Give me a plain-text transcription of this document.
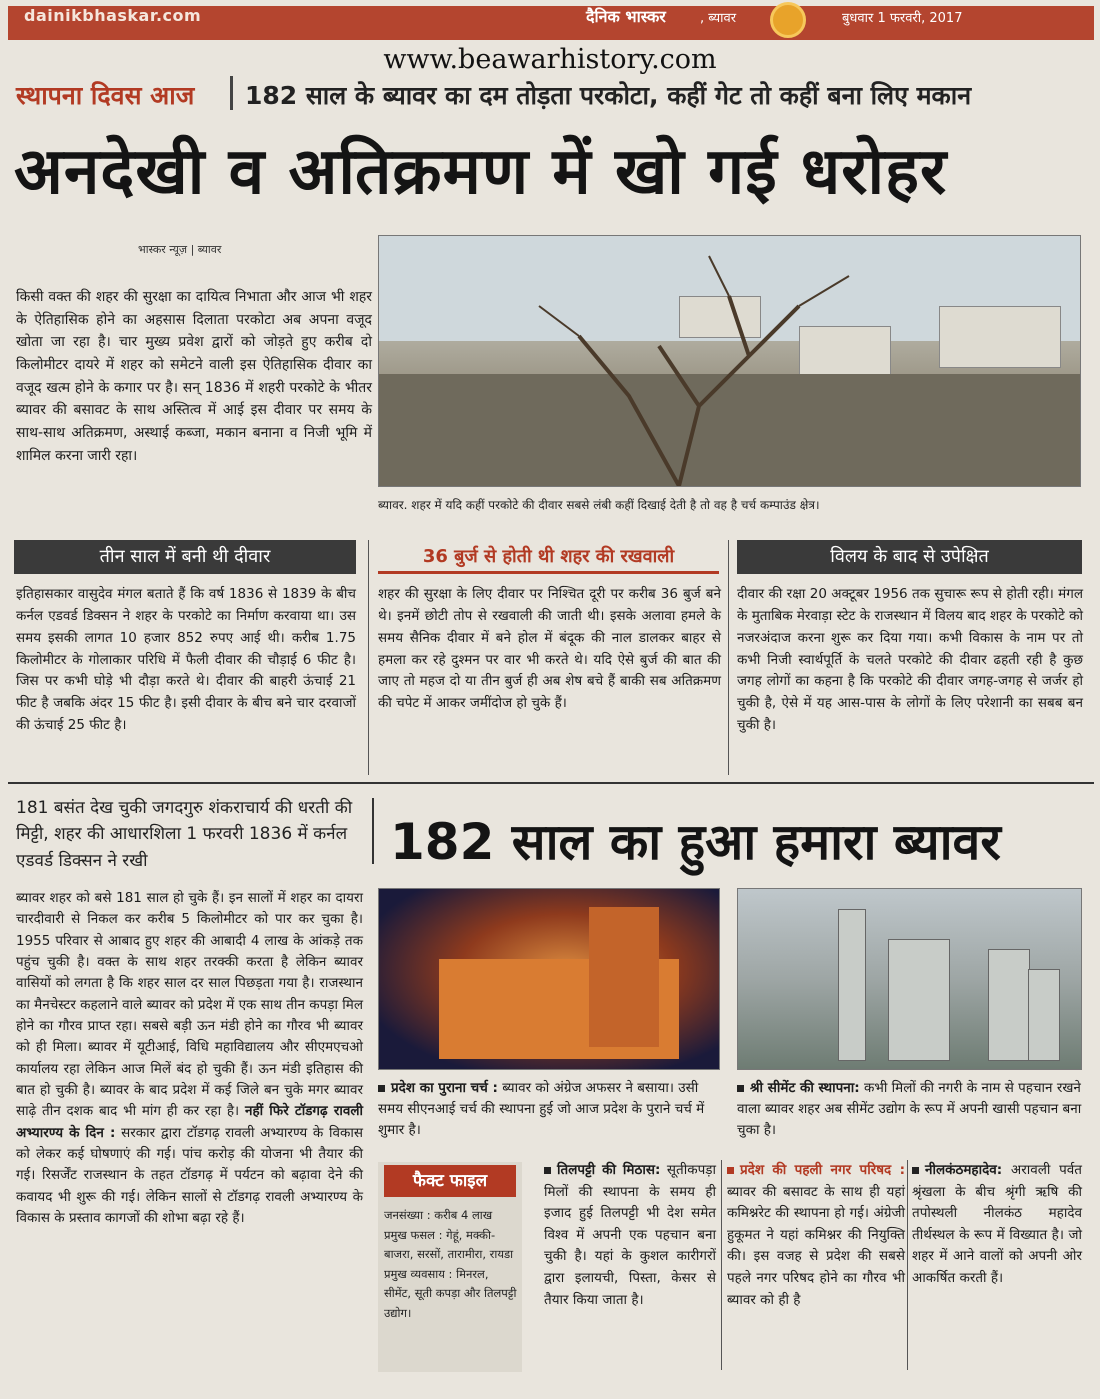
dainikbhaskar.com	दैनिक भास्कर	, ब्यावर	बुधवार 1 फरवरी, 2017
www.beawarhistory.com
स्थापना दिवस आज 182 साल के ब्यावर का दम तोड़ता परकोटा, कहीं गेट तो कहीं बना लिए मकान
अनदेखी व अतिक्रमण में खो गई धरोहर
भास्कर न्यूज़ | ब्यावर
किसी वक्त की शहर की सुरक्षा का दायित्व निभाता और आज भी शहर के ऐतिहासिक होने का अहसास दिलाता परकोटा अब अपना वजूद खोता जा रहा है। चार मुख्य प्रवेश द्वारों को जोड़ते हुए करीब दो किलोमीटर दायरे में शहर को समेटने वाली इस ऐतिहासिक दीवार का वजूद खत्म होने के कगार पर है। सन् 1836 में शहरी परकोटे के भीतर ब्यावर की बसावट के साथ अस्तित्व में आई इस दीवार पर समय के साथ-साथ अतिक्रमण, अस्थाई कब्जा, मकान बनाना व निजी भूमि में शामिल करना जारी रहा।
ब्यावर. शहर में यदि कहीं परकोटे की दीवार सबसे लंबी कहीं दिखाई देती है तो वह है चर्च कम्पाउंड क्षेत्र।
तीन साल में बनी थी दीवार	36 बुर्ज से होती थी शहर की रखवाली	विलय के बाद से उपेक्षित
इतिहासकार वासुदेव मंगल बताते हैं कि वर्ष 1836 से 1839 के बीच कर्नल एडवर्ड डिक्सन ने शहर के परकोटे का निर्माण करवाया था। उस समय इसकी लागत 10 हजार 852 रुपए आई थी। करीब 1.75 किलोमीटर के गोलाकार परिधि में फैली दीवार की चौड़ाई 6 फीट है। जिस पर कभी घोड़े भी दौड़ा करते थे। दीवार की बाहरी ऊंचाई 21 फीट है जबकि अंदर 15 फीट है। इसी दीवार के बीच बने चार दरवाजों की ऊंचाई 25 फीट है।
शहर की सुरक्षा के लिए दीवार पर निश्चित दूरी पर करीब 36 बुर्ज बने थे। इनमें छोटी तोप से रखवाली की जाती थी। इसके अलावा हमले के समय सैनिक दीवार में बने होल में बंदूक की नाल डालकर बाहर से हमला कर रहे दुश्मन पर वार भी करते थे। यदि ऐसे बुर्ज की बात की जाए तो महज दो या तीन बुर्ज ही अब शेष बचे हैं बाकी सब अतिक्रमण की चपेट में आकर जमींदोज हो चुके हैं।
दीवार की रक्षा 20 अक्टूबर 1956 तक सुचारू रूप से होती रही। मंगल के मुताबिक मेरवाड़ा स्टेट के राजस्थान में विलय बाद शहर के परकोटे को नजरअंदाज करना शुरू कर दिया गया। कभी विकास के नाम पर तो कभी निजी स्वार्थपूर्ति के चलते परकोटे की दीवार ढहती रही है कुछ जगह लोगों का कहना है कि परकोटे की दीवार जगह-जगह से जर्जर हो चुकी है, ऐसे में यह आस-पास के लोगों के लिए परेशानी का सबब बन चुकी है।
181 बसंत देख चुकी जगदगुरु शंकराचार्य की धरती की मिट्टी, शहर की आधारशिला 1 फरवरी 1836 में कर्नल एडवर्ड डिक्सन ने रखी	182 साल का हुआ हमारा ब्यावर
ब्यावर शहर को बसे 181 साल हो चुके हैं। इन सालों में शहर का दायरा चारदीवारी से निकल कर करीब 5 किलोमीटर को पार कर चुका है। 1955 परिवार से आबाद हुए शहर की आबादी 4 लाख के आंकड़े तक पहुंच चुकी है। वक्त के साथ शहर तरक्की करता है लेकिन ब्यावर वासियों को लगता है कि शहर साल दर साल पिछड़ता गया है। राजस्थान का मैनचेस्टर कहलाने वाले ब्यावर को प्रदेश में एक साथ तीन कपड़ा मिल होने का गौरव प्राप्त रहा। सबसे बड़ी ऊन मंडी होने का गौरव भी ब्यावर को ही मिला। ब्यावर में यूटीआई, विधि महाविद्यालय और सीएमएचओ कार्यालय रहा लेकिन आज मिलें बंद हो चुकी हैं। ऊन मंडी इतिहास की बात हो चुकी है। ब्यावर के बाद प्रदेश में कई जिले बन चुके मगर ब्यावर साढ़े तीन दशक बाद भी मांग ही कर रहा है। नहीं फिरे टॉडगढ़ रावली अभ्यारण्य के दिन : सरकार द्वारा टॉडगढ़ रावली अभ्यारण्य के विकास को लेकर कई घोषणाएं की गई। पांच करोड़ की योजना भी तैयार की गई। रिसर्जेंट राजस्थान के तहत टॉडगढ़ में पर्यटन को बढ़ावा देने की कवायद भी शुरू की गई। लेकिन सालों से टॉडगढ़ रावली अभ्यारण्य के विकास के प्रस्ताव कागजों की शोभा बढ़ा रहे हैं।
प्रदेश का पुराना चर्च : ब्यावर को अंग्रेज अफसर ने बसाया। उसी समय सीएनआई चर्च की स्थापना हुई जो आज प्रदेश के पुराने चर्च में शुमार है।
श्री सीमेंट की स्थापना: कभी मिलों की नगरी के नाम से पहचान रखने वाला ब्यावर शहर अब सीमेंट उद्योग के रूप में अपनी खासी पहचान बना चुका है।
फैक्ट फाइल
जनसंख्या : करीब 4 लाख
प्रमुख फसल : गेहूं, मक्की-बाजरा, सरसों, तारामीरा, रायडा
प्रमुख व्यवसाय : मिनरल, सीमेंट, सूती कपड़ा और तिलपट्टी उद्योग।
तिलपट्टी की मिठास: सूतीकपड़ा मिलों की स्थापना के समय ही इजाद हुई तिलपट्टी भी देश समेत विश्व में अपनी एक पहचान बना चुकी है। यहां के कुशल कारीगरों द्वारा इलायची, पिस्ता, केसर से तैयार किया जाता है।
प्रदेश की पहली नगर परिषद : ब्यावर की बसावट के साथ ही यहां कमिश्नरेट की स्थापना हो गई। अंग्रेजी हुकूमत ने यहां कमिश्नर की नियुक्ति की। इस वजह से प्रदेश की सबसे पहले नगर परिषद होने का गौरव भी ब्यावर को ही है
नीलकंठमहादेव: अरावली पर्वत श्रृंखला के बीच श्रृंगी ऋषि की तपोस्थली नीलकंठ महादेव तीर्थस्थल के रूप में विख्यात है। जो शहर में आने वालों को अपनी ओर आकर्षित करती हैं।
